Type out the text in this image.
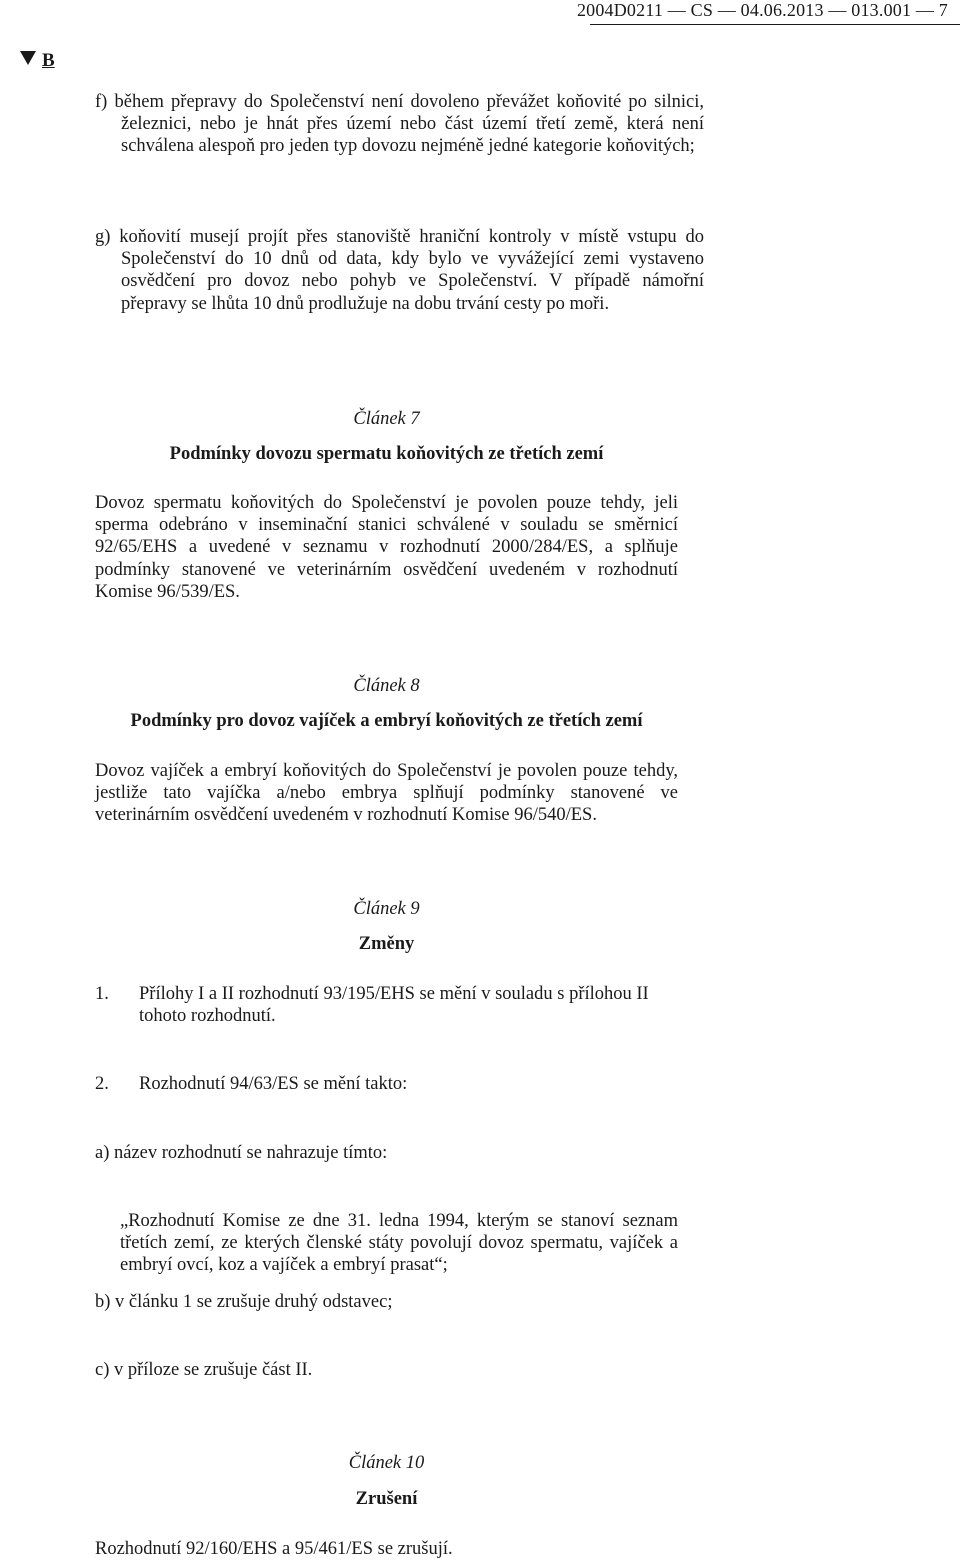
2004D0211 — CS — 04.06.2013 — 013.001 — 7
B
f) během přepravy do Společenství není dovoleno převážet koňovité po silnici, železnici, nebo je hnát přes území nebo část území třetí země, která není schválena alespoň pro jeden typ dovozu nejméně jedné kategorie koňovitých;
g) koňovití musejí projít přes stanoviště hraniční kontroly v místě vstupu do Společenství do 10 dnů od data, kdy bylo ve vyvážející zemi vystaveno osvědčení pro dovoz nebo pohyb ve Společenství. V případě námořní přepravy se lhůta 10 dnů prodlužuje na dobu trvání cesty po moři.
Článek 7
Podmínky dovozu spermatu koňovitých ze třetích zemí
Dovoz spermatu koňovitých do Společenství je povolen pouze tehdy, jeli sperma odebráno v inseminační stanici schválené v souladu se směrnicí 92/65/EHS a uvedené v seznamu v rozhodnutí 2000/284/ES, a splňuje podmínky stanovené ve veterinárním osvědčení uvedeném v rozhodnutí Komise 96/539/ES.
Článek 8
Podmínky pro dovoz vajíček a embryí koňovitých ze třetích zemí
Dovoz vajíček a embryí koňovitých do Společenství je povolen pouze tehdy, jestliže tato vajíčka a/nebo embrya splňují podmínky stanovené ve veterinárním osvědčení uvedeném v rozhodnutí Komise 96/540/ES.
Článek 9
Změny
1.	Přílohy I a II rozhodnutí 93/195/EHS se mění v souladu s přílohou II tohoto rozhodnutí.
2.	Rozhodnutí 94/63/ES se mění takto:
a) název rozhodnutí se nahrazuje tímto:
„Rozhodnutí Komise ze dne 31. ledna 1994, kterým se stanoví seznam třetích zemí, ze kterých členské státy povolují dovoz spermatu, vajíček a embryí ovcí, koz a vajíček a embryí prasat“;
b) v článku 1 se zrušuje druhý odstavec;
c) v příloze se zrušuje část II.
Článek 10
Zrušení
Rozhodnutí 92/160/EHS a 95/461/ES se zrušují.
